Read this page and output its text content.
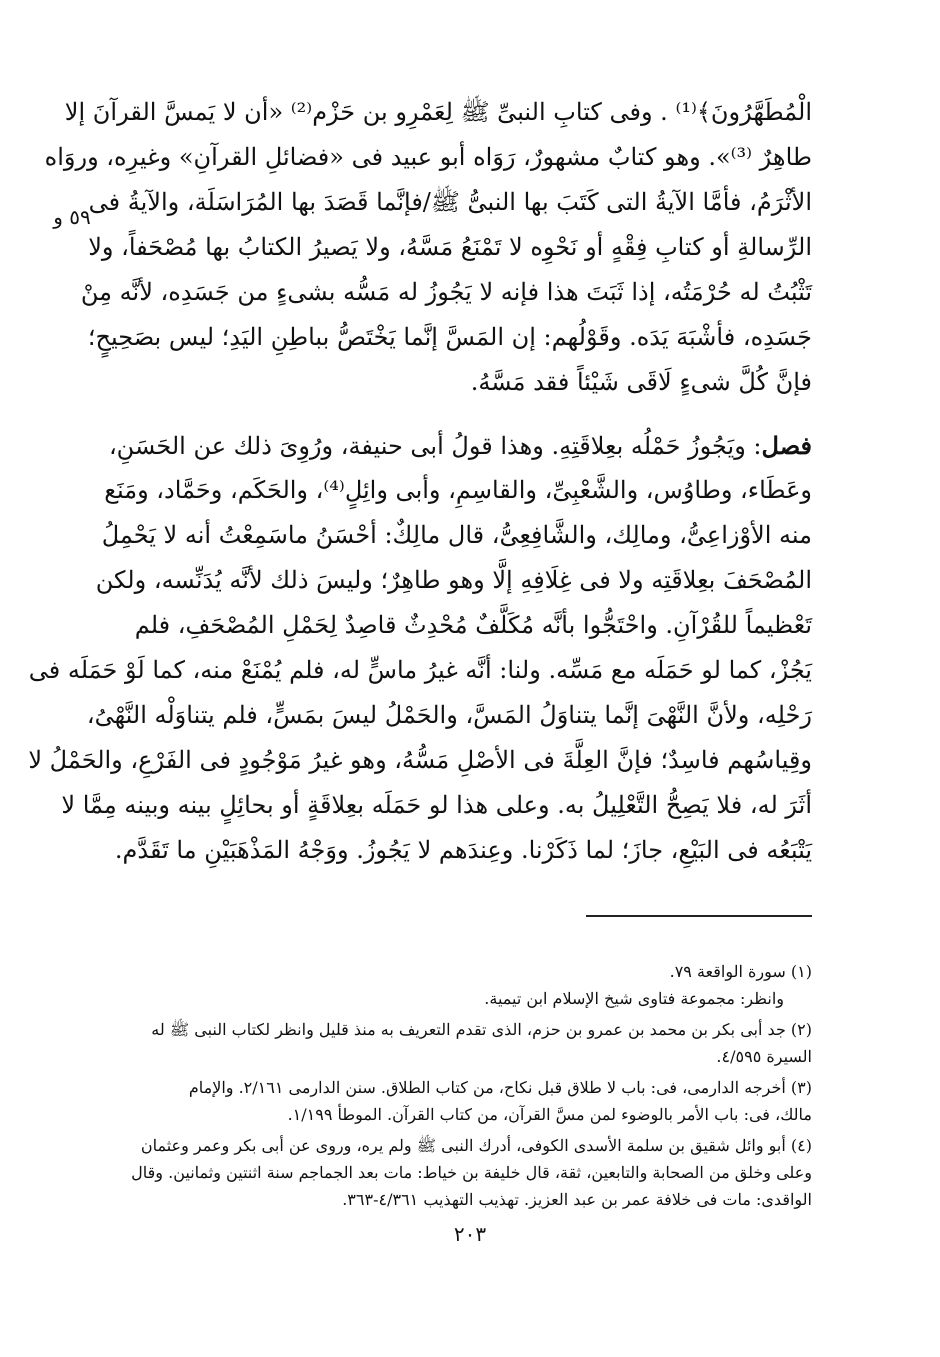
٥٩ و
الْمُطَهَّرُونَ﴾⁽¹⁾ . وفى كتابِ النبىِّ ﷺ لِعَمْرِو بن حَزْم⁽²⁾ «أن لا يَمسَّ القرآنَ إلا
طاهِرٌ ⁽³⁾». وهو كتابٌ مشهورٌ، رَوَاه أبو عبيد فى «فضائلِ القرآنِ» وغيرِه، وروَاه
الأثْرَمُ، فأمَّا الآيةُ التى كَتَبَ بها النبىُّ ﷺ/فإنَّما قَصَدَ بها المُرَاسَلَة، والآيةُ فى
الرِّسالةِ أو كتابِ فِقْهٍ أو نَحْوِه لا تَمْنَعُ مَسَّهُ، ولا يَصيرُ الكتابُ بها مُصْحَفاً، ولا
تَثْبُتُ له حُرْمَتُه، إذا ثَبَتَ هذا فإنه لا يَجُوزُ له مَسُّه بشىءٍ من جَسَدِه، لأنَّه مِنْ
جَسَدِه، فأشْبَهَ يَدَه. وقَوْلُهم: إن المَسَّ إنَّما يَخْتَصُّ بباطِنِ اليَدِ؛ ليس بصَحِيحٍ؛
فإنَّ كُلَّ شىءٍ لَاقَى شَيْئاً فقد مَسَّهُ.
فصل: ويَجُوزُ حَمْلُه بعِلاقَتِهِ. وهذا قولُ أبى حنيفة، ورُوِىَ ذلك عن الحَسَنِ،
وعَطَاء، وطاوُس، والشَّعْبِىِّ، والقاسِمِ، وأبى وائِلٍ⁽⁴⁾، والحَكَم، وحَمَّاد، ومَنَع
منه الأوْزاعِىُّ، ومالِك، والشَّافِعِىُّ، قال مالِكٌ: أحْسَنُ ماسَمِعْتُ أنه لا يَحْمِلُ
المُصْحَفَ بعِلاقَتِه ولا فى غِلَافِهِ إلَّا وهو طاهِرٌ؛ وليسَ ذلك لأنَّه يُدَنِّسه، ولكن
تَعْظيماً للقُرْآنِ. واحْتَجُّوا بأنَّه مُكَلَّفٌ مُحْدِثٌ قاصِدٌ لِحَمْلِ المُصْحَفِ، فلم
يَجُزْ، كما لو حَمَلَه مع مَسِّه. ولنا: أنَّه غيرُ ماسٍّ له، فلم يُمْنَعْ منه، كما لَوْ حَمَلَه فى
رَحْلِه، ولأنَّ النَّهْىَ إنَّما يتناوَلُ المَسَّ، والحَمْلُ ليسَ بمَسٍّ، فلم يتناوَلْه النَّهْىُ،
وقِياسُهم فاسِدٌ؛ فإنَّ العِلَّةَ فى الأصْلِ مَسُّهُ، وهو غيرُ مَوْجُودٍ فى الفَرْعِ، والحَمْلُ لا
أثَرَ له، فلا يَصِحُّ التَّعْلِيلُ به. وعلى هذا لو حَمَلَه بعِلاقَةٍ أو بحائِلٍ بينه وبينه مِمَّا لا
يَتْبَعُه فى البَيْعِ، جازَ؛ لما ذَكَرْنا. وعِندَهم لا يَجُوزُ. ووَجْهُ المَذْهَبَيْنِ ما تَقَدَّم.
(١) سورة الواقعة ٧٩.
وانظر: مجموعة فتاوى شيخ الإسلام ابن تيمية.
(٢) جد أبى بكر بن محمد بن عمرو بن حزم، الذى تقدم التعريف به منذ قليل وانظر لكتاب النبى ﷺ له
السيرة ٤/٥٩٥.
(٣) أخرجه الدارمى، فى: باب لا طلاق قبل نكاح، من كتاب الطلاق. سنن الدارمى ٢/١٦١. والإمام
مالك، فى: باب الأمر بالوضوء لمن مسَّ القرآن، من كتاب القرآن. الموطأ ١/١٩٩.
(٤) أبو وائل شقيق بن سلمة الأسدى الكوفى، أدرك النبى ﷺ ولم يره، وروى عن أبى بكر وعمر وعثمان
وعلى وخلق من الصحابة والتابعين، ثقة، قال خليفة بن خياط: مات بعد الجماجم سنة اثنتين وثمانين. وقال
الواقدى: مات فى خلافة عمر بن عبد العزيز. تهذيب التهذيب ٤/٣٦١-٣٦٣.
٢٠٣
